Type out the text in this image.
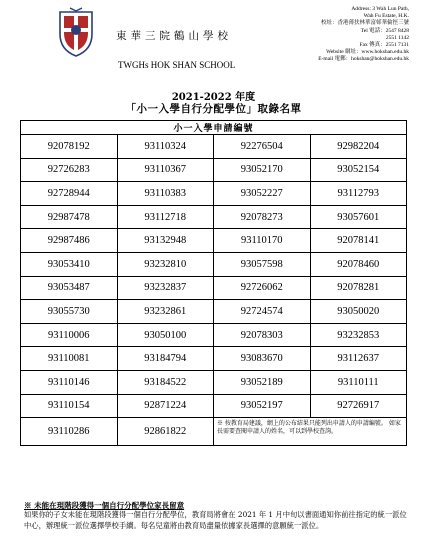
東華三院鶴山學校
TWGHs HOK SHAN SCHOOL
Address: 3 Wah Lun Path,
Wah Fu Estate, H.K.
校址：香港薄扶林華富邨華倫徑三號
Tel 電話：2547 8428
2551 1142
Fax 傳真：2551 7131
Website 網址：www.hokshan.edu.hk
E-mail 電郵：hokshan@hokshan.edu.hk
2021-2022 年度
「小一入學自行分配學位」取錄名單
小一入學申請編號			
92078192	93110324	92276504	92982204
92726283	93110367	93052170	93052154
92728944	93110383	93052227	93112793
92987478	93112718	92078273	93057601
92987486	93132948	93110170	92078141
93053410	93232810	93057598	92078460
93053487	93232837	92726062	92078281
93055730	93232861	92724574	93050020
93110006	93050100	92078303	93232853
93110081	93184794	93083670	93112637
93110146	93184522	93052189	93110111
93110154	92871224	93052197	92726917
93110286	92861822	※ 按教育局建議，網上的公布結果只能列出申請人的申請編號。 如家長需要查閱申請人的姓名，可以到學校查詢。	
※ 未能在現階段獲得一個自行分配學位家長留意
如果你的子女未能在現階段獲得一個自行分配學位，教育局將會在 2021 年 1 月中旬以書面通知你前往指定的統一派位中心，辦理統一派位選擇學校手續。每名兒童將由教育局盡量依據家長選擇的意願統一派位。
